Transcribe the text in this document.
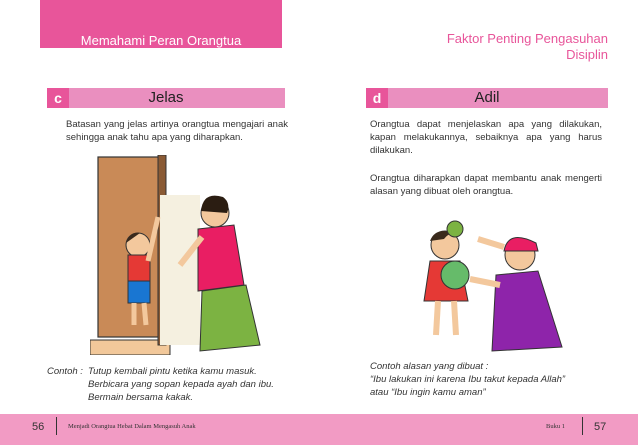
Memahami Peran Orangtua
c	Jelas
Batasan yang jelas artinya orangtua mengajari anak sehingga anak tahu apa yang diharapkan.
Contoh : Tutup kembali pintu ketika kamu masuk.
Berbicara yang sopan kepada ayah dan ibu.
Bermain bersama kakak.
Faktor Penting Pengasuhan Disiplin
d	Adil
Orangtua dapat menjelaskan apa yang dilakukan, kapan melakukannya, sebaiknya apa yang harus dilakukan.
Orangtua diharapkan dapat membantu anak mengerti alasan yang dibuat oleh orangtua.
Contoh alasan yang dibuat :
“Ibu lakukan ini karena Ibu takut kepada Allah”
atau “Ibu ingin kamu aman”
56	Menjadi Orangtua Hebat Dalam Mengasuh Anak	Buku 1	57
